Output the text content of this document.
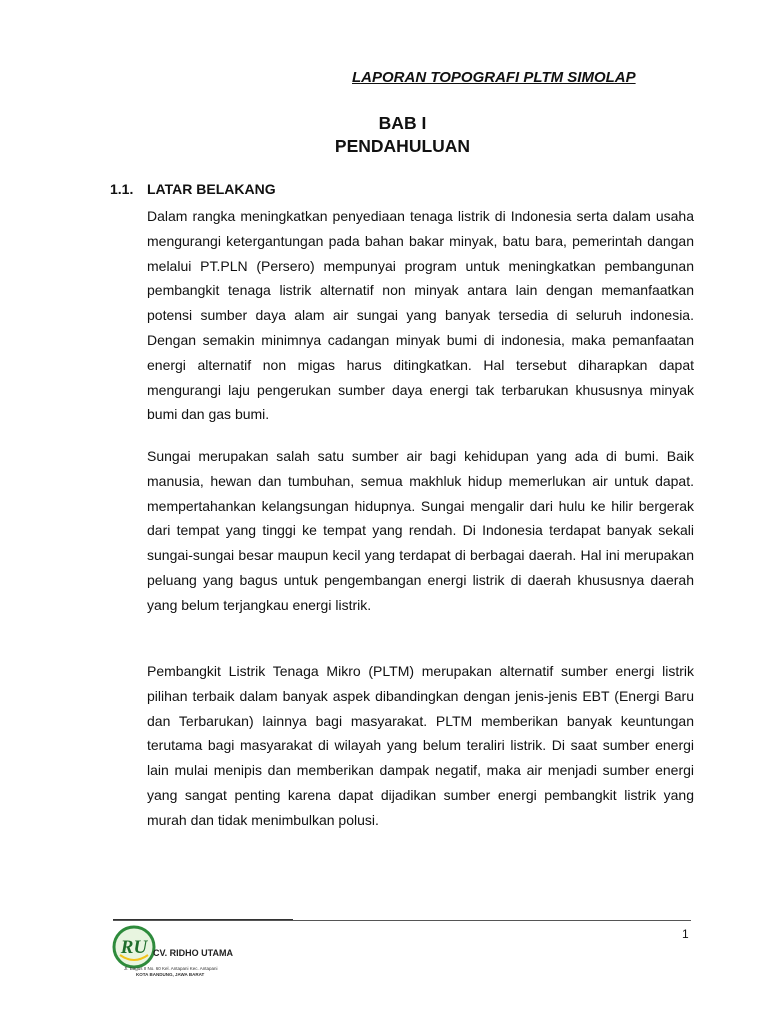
LAPORAN TOPOGRAFI PLTM SIMOLAP
BAB I
PENDAHULUAN
1.1. LATAR BELAKANG

Dalam rangka meningkatkan penyediaan tenaga listrik di Indonesia serta dalam usaha mengurangi ketergantungan pada bahan bakar minyak, batu bara, pemerintah dangan melalui PT.PLN (Persero) mempunyai program untuk meningkatkan pembangunan pembangkit tenaga listrik alternatif non minyak antara lain dengan memanfaatkan potensi sumber daya alam air sungai yang banyak tersedia di seluruh indonesia. Dengan semakin minimnya cadangan minyak bumi di indonesia, maka pemanfaatan energi alternatif non migas harus ditingkatkan. Hal tersebut diharapkan dapat mengurangi laju pengerukan sumber daya energi tak terbarukan khususnya minyak bumi dan gas bumi.

Sungai merupakan salah satu sumber air bagi kehidupan yang ada di bumi. Baik manusia, hewan dan tumbuhan, semua makhluk hidup memerlukan air untuk dapat. mempertahankan kelangsungan hidupnya. Sungai mengalir dari hulu ke hilir bergerak dari tempat yang tinggi ke tempat yang rendah. Di Indonesia terdapat banyak sekali sungai-sungai besar maupun kecil yang terdapat di berbagai daerah. Hal ini merupakan peluang yang bagus untuk pengembangan energi listrik di daerah khususnya daerah yang belum terjangkau energi listrik.

Pembangkit Listrik Tenaga Mikro (PLTM) merupakan alternatif sumber energi listrik pilihan terbaik dalam banyak aspek dibandingkan dengan jenis-jenis EBT (Energi Baru dan Terbarukan) lainnya bagi masyarakat. PLTM memberikan banyak keuntungan terutama bagi masyarakat di wilayah yang belum teraliri listrik. Di saat sumber energi lain mulai menipis dan memberikan dampak negatif, maka air menjadi sumber energi yang sangat penting karena dapat dijadikan sumber energi pembangkit listrik yang murah dan tidak menimbulkan polusi.

1
RU CV. RIDHO UTAMA
Jl. Bagus II No. 60 Kel. Antapani Kec. Antapani
KOTA BANDUNG, JAWA BARAT
